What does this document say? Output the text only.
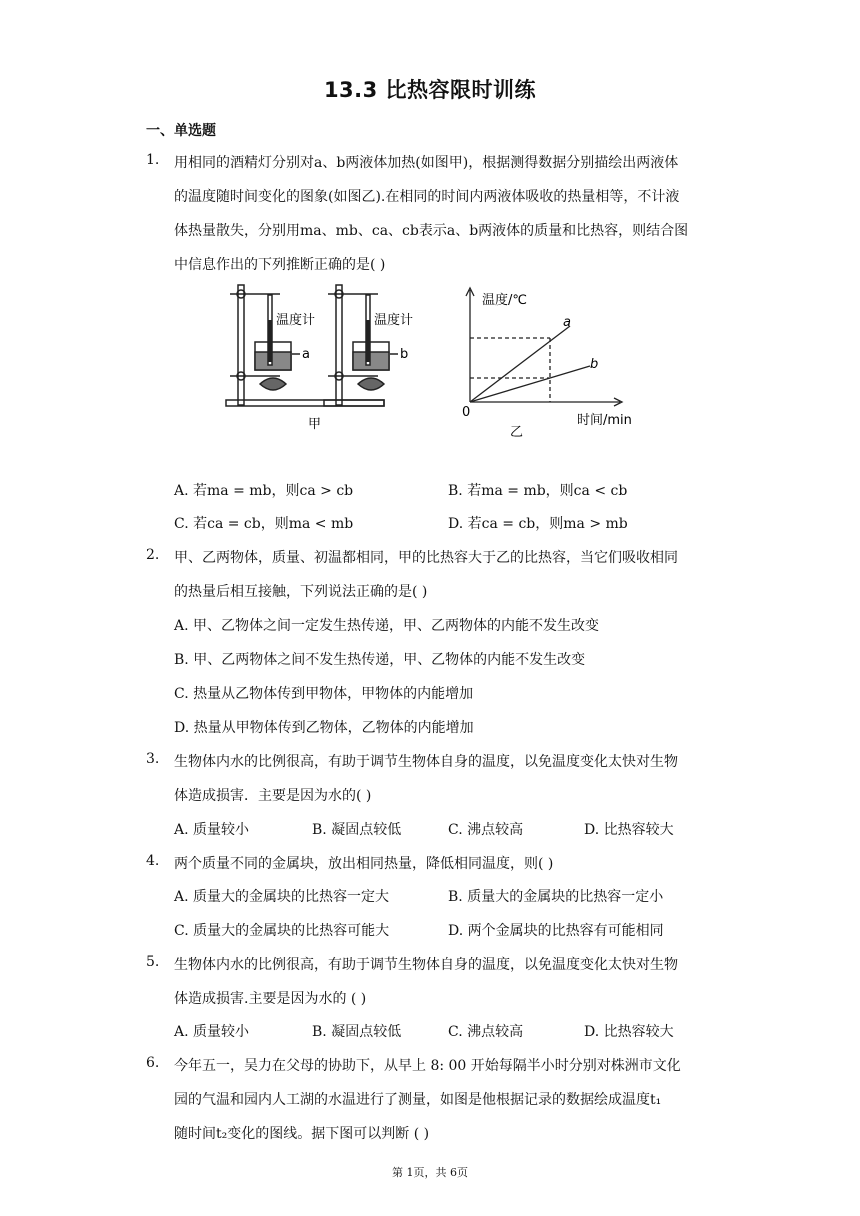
13.3 比热容限时训练
一、单选题
1. 用相同的酒精灯分别对a、b两液体加热(如图甲)，根据测得数据分别描绘出两液体
的温度随时间变化的图象(如图乙).在相同的时间内两液体吸收的热量相等，不计液
体热量散失，分别用ma、mb、ca、cb表示a、b两液体的质量和比热容，则结合图
中信息作出的下列推断正确的是( )
温度计
a
温度计
b
甲
温度/℃
时间/min
0
a
b
乙
A. 若ma = mb，则ca > cb	B. 若ma = mb，则ca < cb
C. 若ca = cb，则ma < mb	D. 若ca = cb，则ma > mb
2. 甲、乙两物体，质量、初温都相同，甲的比热容大于乙的比热容，当它们吸收相同
的热量后相互接触，下列说法正确的是( )
A. 甲、乙物体之间一定发生热传递，甲、乙两物体的内能不发生改变
B. 甲、乙两物体之间不发生热传递，甲、乙物体的内能不发生改变
C. 热量从乙物体传到甲物体，甲物体的内能增加
D. 热量从甲物体传到乙物体，乙物体的内能增加
3. 生物体内水的比例很高，有助于调节生物体自身的温度，以免温度变化太快对生物
体造成损害．主要是因为水的( )
A. 质量较小	B. 凝固点较低	C. 沸点较高	D. 比热容较大
4. 两个质量不同的金属块，放出相同热量，降低相同温度，则( )
A. 质量大的金属块的比热容一定大	B. 质量大的金属块的比热容一定小
C. 质量大的金属块的比热容可能大	D. 两个金属块的比热容有可能相同
5. 生物体内水的比例很高，有助于调节生物体自身的温度，以免温度变化太快对生物
体造成损害.主要是因为水的 ( )
A. 质量较小	B. 凝固点较低	C. 沸点较高	D. 比热容较大
6. 今年五一，吴力在父母的协助下，从早上 8: 00 开始每隔半小时分别对株洲市文化
园的气温和园内人工湖的水温进行了测量，如图是他根据记录的数据绘成温度t₁
随时间t₂变化的图线。据下图可以判断 ( )
第 1页，共 6页
